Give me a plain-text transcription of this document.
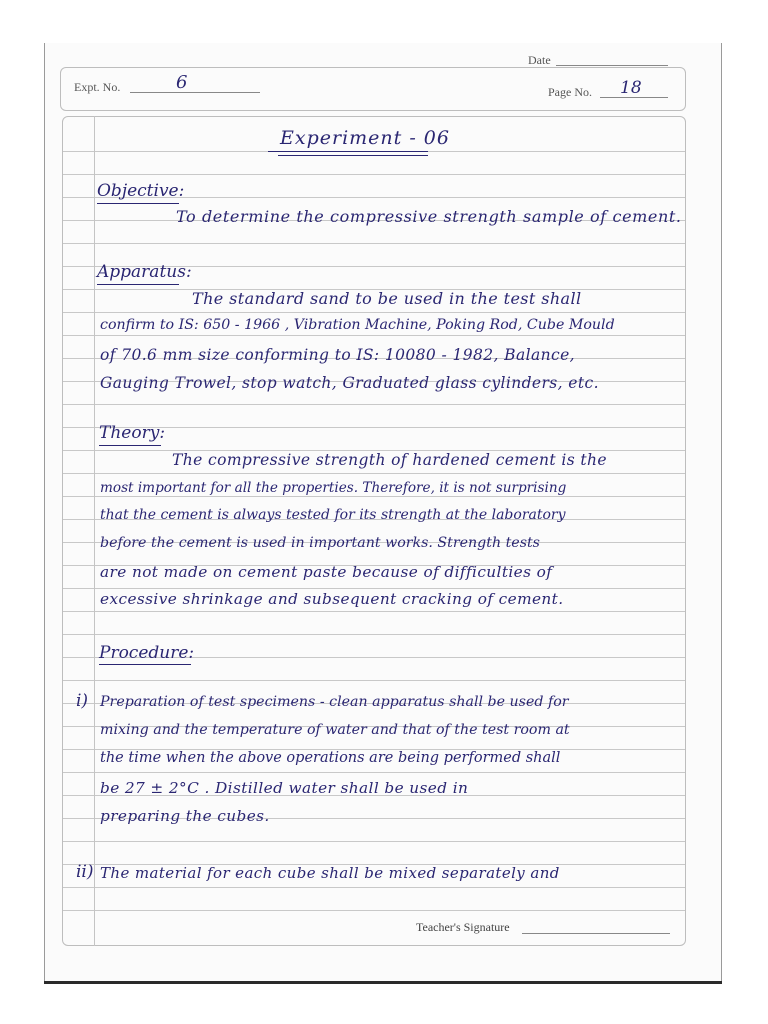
Date
Expt. No.	6	Page No. 18
Experiment - 06
Objective:
To determine the compressive strength sample of cement.
Apparatus:
The standard sand to be used in the test shall
confirm to IS: 650 - 1966 , Vibration Machine, Poking Rod, Cube Mould
of 70.6 mm size conforming to IS: 10080 - 1982, Balance,
Gauging Trowel, stop watch, Graduated glass cylinders, etc.
Theory:
The compressive strength of hardened cement is the
most important for all the properties. Therefore, it is not surprising
that the cement is always tested for its strength at the laboratory
before the cement is used in important works. Strength tests
are not made on cement paste because of difficulties of
excessive shrinkage and subsequent cracking of cement.
Procedure:
i) Preparation of test specimens - clean apparatus shall be used for
mixing and the temperature of water and that of the test room at
the time when the above operations are being performed shall
be 27 ± 2°C . Distilled water shall be used in
preparing the cubes.
ii) The material for each cube shall be mixed separately and
Teacher's Signature
